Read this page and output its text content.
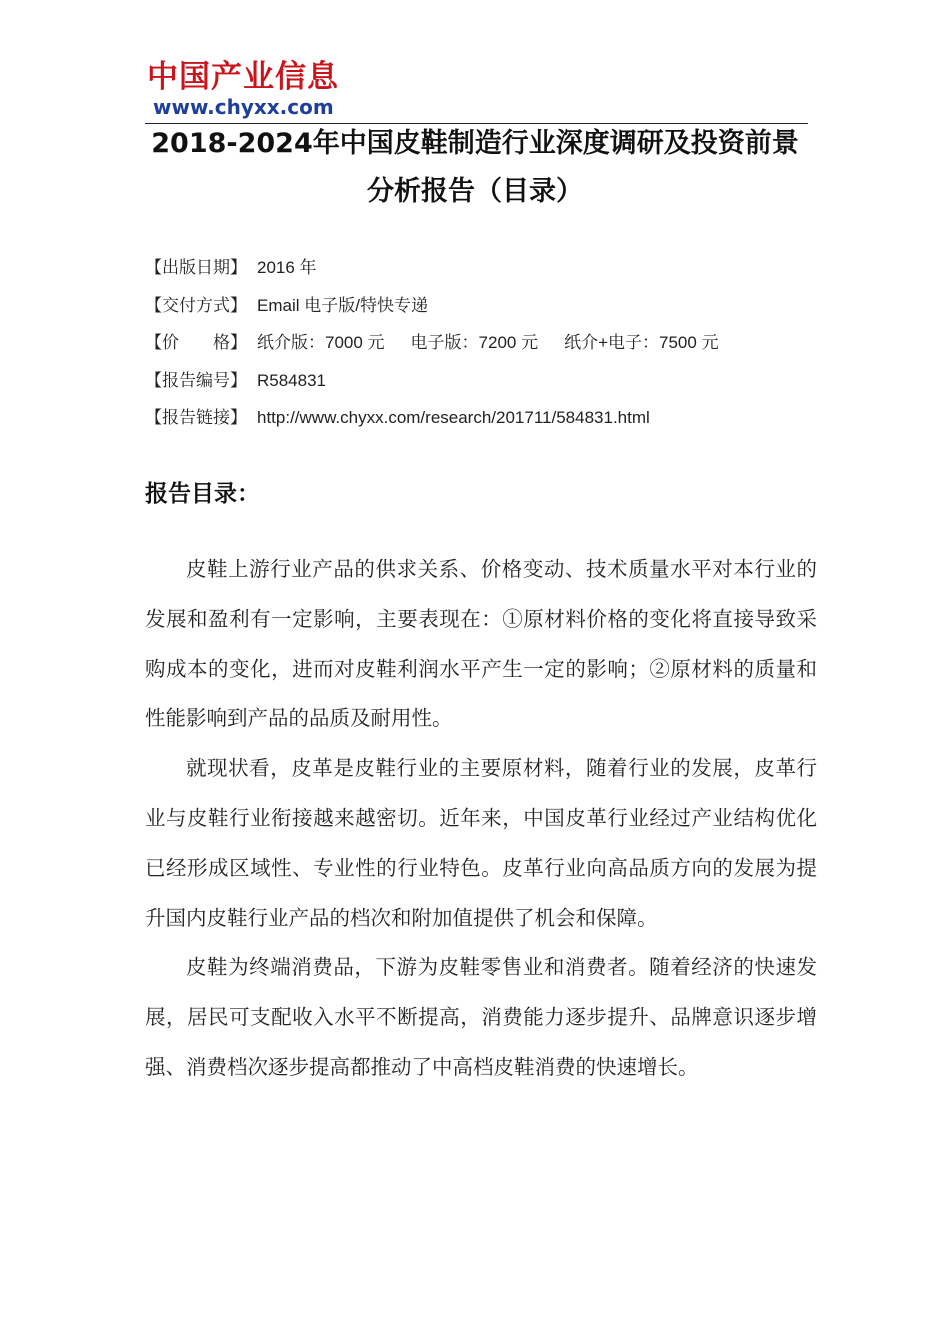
中国产业信息
www.chyxx.com
2018-2024年中国皮鞋制造行业深度调研及投资前景
分析报告（目录）
【出版日期】 2016 年
【交付方式】 Email 电子版/特快专递
【价　　格】 纸介版：7000 元 电子版：7200 元 纸介+电子：7500 元
【报告编号】 R584831
【报告链接】 http://www.chyxx.com/research/201711/584831.html
报告目录：

皮鞋上游行业产品的供求关系、价格变动、技术质量水平对本行业的发展和盈利有一定影响，主要表现在：①原材料价格的变化将直接导致采购成本的变化，进而对皮鞋利润水平产生一定的影响；②原材料的质量和性能影响到产品的品质及耐用性。

就现状看，皮革是皮鞋行业的主要原材料，随着行业的发展，皮革行业与皮鞋行业衔接越来越密切。近年来，中国皮革行业经过产业结构优化已经形成区域性、专业性的行业特色。皮革行业向高品质方向的发展为提升国内皮鞋行业产品的档次和附加值提供了机会和保障。

皮鞋为终端消费品，下游为皮鞋零售业和消费者。随着经济的快速发展，居民可支配收入水平不断提高，消费能力逐步提升、品牌意识逐步增强、消费档次逐步提高都推动了中高档皮鞋消费的快速增长。
